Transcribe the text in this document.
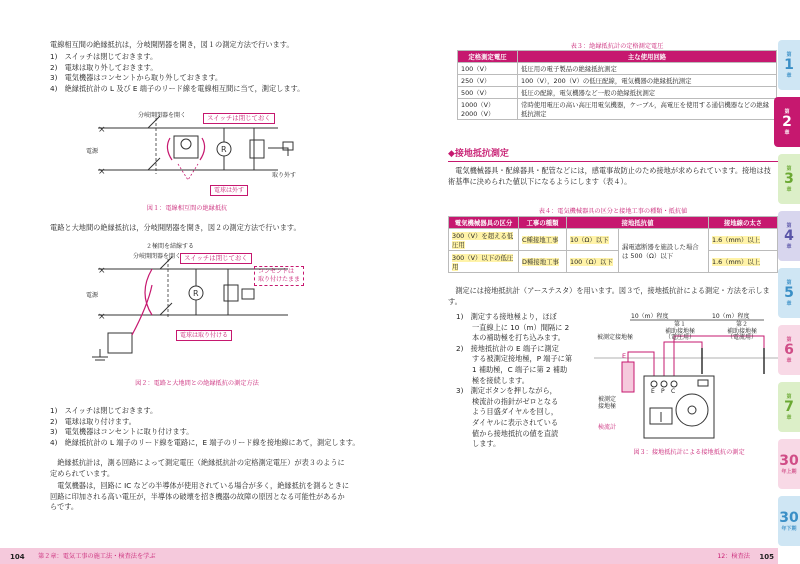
電線相互間の絶縁抵抗は，分岐開閉器を開き，図１の測定方法で行います。
1)　スイッチは閉じておきます。
2)　電球は取り外しておきます。
3)　電気機器はコンセントから取り外しておきます。
4)　絶縁抵抗計の L 及び E 端子のリード線を電線相互間に当て，測定します。
×
×
R
分岐開閉器を開く	スイッチは閉じておく
電源
電球は外す
取り外す
図１：電線相互間の絶縁抵抗
電路と大地間の絶縁抵抗は，分岐開閉器を開き，図２の測定方法で行います。
×
×
R
２極間を結線する
分岐開閉器を開く スイッチは閉じておく
コンセントは
取り付けたまま
電源
電球は取り付ける
図２：電路と大地間との絶縁抵抗の測定方法
1)　スイッチは閉じておきます。
2)　電球は取り付けます。
3)　電気機器はコンセントに取り付けます。
4)　絶縁抵抗計の L 端子のリード線を電路に，E 端子のリード線を接地線にあて，測定します。
　絶縁抵抗計は，測る回路によって測定電圧（絶縁抵抗計の定格測定電圧）が表３のように定められています。
　電気機器は，回路に IC などの半導体が使用されている場合が多く，絶縁抵抗を測るときに回路に印加される高い電圧が，半導体の破壊を招き機器の故障の原因となる可能性があるからです。
104 第２章：電気工事の施工法・検査法を学ぶ
表３：絶縁抵抗計の定格測定電圧
定格測定電圧	主な使用回路
100（V）	低圧用の電子製品の絶縁抵抗測定
250（V）	100（V），200（V）の低圧配線，電気機器の絶縁抵抗測定
500（V）	低圧の配線，電気機器など一般の絶縁抵抗測定
1000（V）
2000（V）	常時使用電圧の高い高圧用電気機器，ケーブル，高電圧を使用する通信機器などの絶縁抵抗測定
◆接地抵抗測定
　電気機械器具・配線器具・配管などには，感電事故防止のため接地が求められています。接地は技術基準に決められた値以下になるようにします（表４）。
表４：電気機械器具の区分と接地工事の種類・抵抗値
電気機械器具の区分	工事の種類	接地抵抗値		接地線の太さ
300（V）を超える低圧用	C種接地工事	10（Ω）以下	漏電遮断器を施設した場合は 500（Ω）以下	1.6（mm）以上
300（V）以下の低圧用	D種接地工事	100（Ω）以下		1.6（mm）以上
　測定には接地抵抗計（アーステスタ）を用います。図３で，接地抵抗計による測定・方法を示します。
1)　 測定する接地極より，ほぼ
一直線上に 10（m）間隔に 2
本の補助極を打ち込みます。
2)　 接地抵抗計の E 端子に測定
する被測定接地極，P 端子に第
1 補助極，C 端子に第 2 補助
極を接続します。
3)　 測定ボタンを押しながら，
検流計の指針がゼロとなる
よう目盛ダイヤルを回し，
ダイヤルに表示されている
値から接地抵抗の値を直読
します。
10（m）程度	10（m）程度
被測定接地極
第１
補助接地極
（電圧用）
第２
補助接地極
（電流用）
E
E P C
被測定
接地極
検流計
図３：接地抵抗計による接地抵抗の測定
12：検査法 105
第
1
章
第
2
章
第
3
章
第
4
章
第
5
章
第
6
章
第
7
章
30
年上期
30
年下期
